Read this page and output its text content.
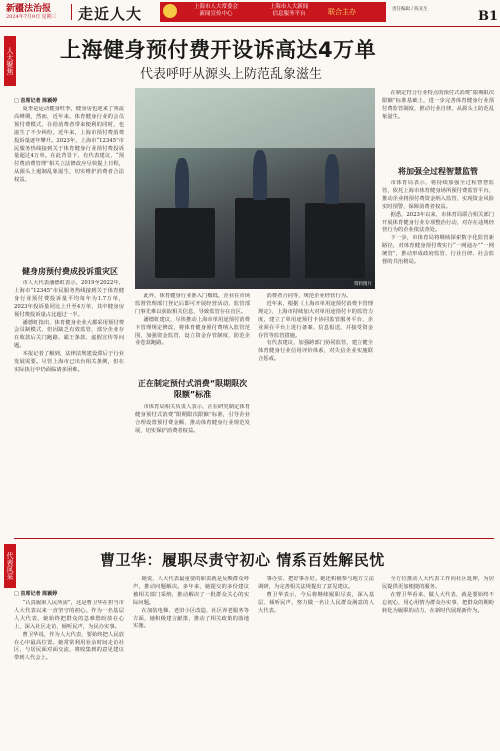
新疆法治报
2024年7月9日 星期三 走近人大	上海市人大常委会
新闻宣传中心
上海市人大新闻
信息服务平台	联合主办	责任编辑 / 陈先生	B1
人大聚焦 上海健身预付费开设诉高达4万单
代表呼吁从源头上防范乱象滋生
□ 首席记者 陈颖婷

夏季是运动健身旺季，健身房也迎来了客流高峰期，然而，近年来，体育健身行业的会员预付费模式，在给消费者带来便利的同时，也滋生了不少纠纷，近年来，上海市预付费消费投诉量逐年攀升。2023年，上海市“12345”市民服务热线接到关于体育健身行业预付费投诉量超过4万单。在此背景下，有代表建议，“预付费消费管理”相关立法修改应尽快提上日程，从源头上遏制乱象滋生，切实维护消费者合法权益。

健身房预付费成投诉重灾区

市人大代表潘德虹表示，2019至2022年，上海市“12345”市民服务热线接到关于体育健身行业预付费投诉量平均每年为1.7万单，2023年投诉量同比上升至4万单，其中健身房预付费投诉量占比超过一半。

潘德虹指出，体育健身企业大都采用预付费会员制模式，但因缺乏有效监管，部分企业存在收款后关门跑路、霸王条款、虚假宣传等问题。

本报记者了解到，法律法规建设滞后于行业发展需要。尽管上海市已出台相关条例，但在实际执行中仍面临诸多困难。

资料图片

此外，体育健身行业准入门槛低，企业在市场监督管理部门登记后即可开展经营活动，监管部门事先难以获取相关信息，导致监管存在盲区。

潘德虹建议，尽快推动上海市单用途预付消费卡管理规定修改，将体育健身预付费纳入监管范围，加强资金监管，设立资金存管制度，防范企业卷款跑路。

正在制定预付式消费“限期限次限额”标准

市体育局相关负责人表示，正在研究制定体育健身预付式消费“限期限次限额”标准，引导企业合理设置预付费金额，推动体育健身行业规范发展，切实保护消费者权益。

消费者合同等，规范企业经营行为。

近年来，根据《上海市单用途预付消费卡管理规定》，上海市持续加大对单用途预付卡的监管力度，建立了单用途预付卡协同监管服务平台，企业须在平台上进行备案、信息报送，并接受资金存管等监管措施。

有代表建议，加强跨部门协同监管，建立健全体育健身行业信用评价体系，对失信企业实施联合惩戒。

在制定符合行业特点的预付式消费“限期限次限额”标准基础上，进一步完善体育健身行业预付费监管制度，推动行业自律，从源头上防范乱象滋生。

将加强全过程智慧监管

市体育局表示，将持续加强全过程智慧监管，依托上海市体育健身场所预付费监管平台，推动企业将预付费资金纳入监管，实现资金风险实时预警，保障消费者权益。

据悉，2023年以来，市体育局联合相关部门开展体育健身行业专项整治行动，对存在违规经营行为的企业依法查处。

下一步，市体育局将继续探索数字化监管新路径，对体育健身预付费实行“一网通办”“一网统管”，推动形成政府监管、行业自律、社会监督的共治格局。

代表风采	曹卫华：履职尽责守初心 情系百姓解民忧
□ 首席记者 陈颖婷

“认真履职人民所需”，这是曹卫华在担当市人大代表以来一直坚守的初心。作为一名基层人大代表，她始终把群众的急难愁盼放在心上，深入社区走访，倾听民声，为民办实事。

曹卫华说，作为人大代表，要始终把人民放在心中最高位置。她常常利用业余时间走访社区，与居民面对面交流，将收集到的意见建议带到人代会上。

她说，人大代表最重要的职责就是反映群众呼声，推动问题解决。多年来，她提交的多份建议被相关部门采纳，推动解决了一批群众关心的实际问题。

在加装电梯、老旧小区改造、社区养老服务等方面，她积极建言献策，推动了相关政策的落地实施。

事办实、把好事办好。她还积极参与地方立法调研，为完善相关法规提出了意见建议。

曹卫华表示，今后将继续履职尽责，深入基层、倾听民声，努力做一名让人民群众满意的人大代表。

全方位推动人大代表工作向社区延伸，为居民提供更加便捷的服务。

在曹卫华看来，做人大代表，就是要始终不忘初心，用心用情为群众办实事，把群众的期盼转化为履职的动力，在新时代展现新作为。
